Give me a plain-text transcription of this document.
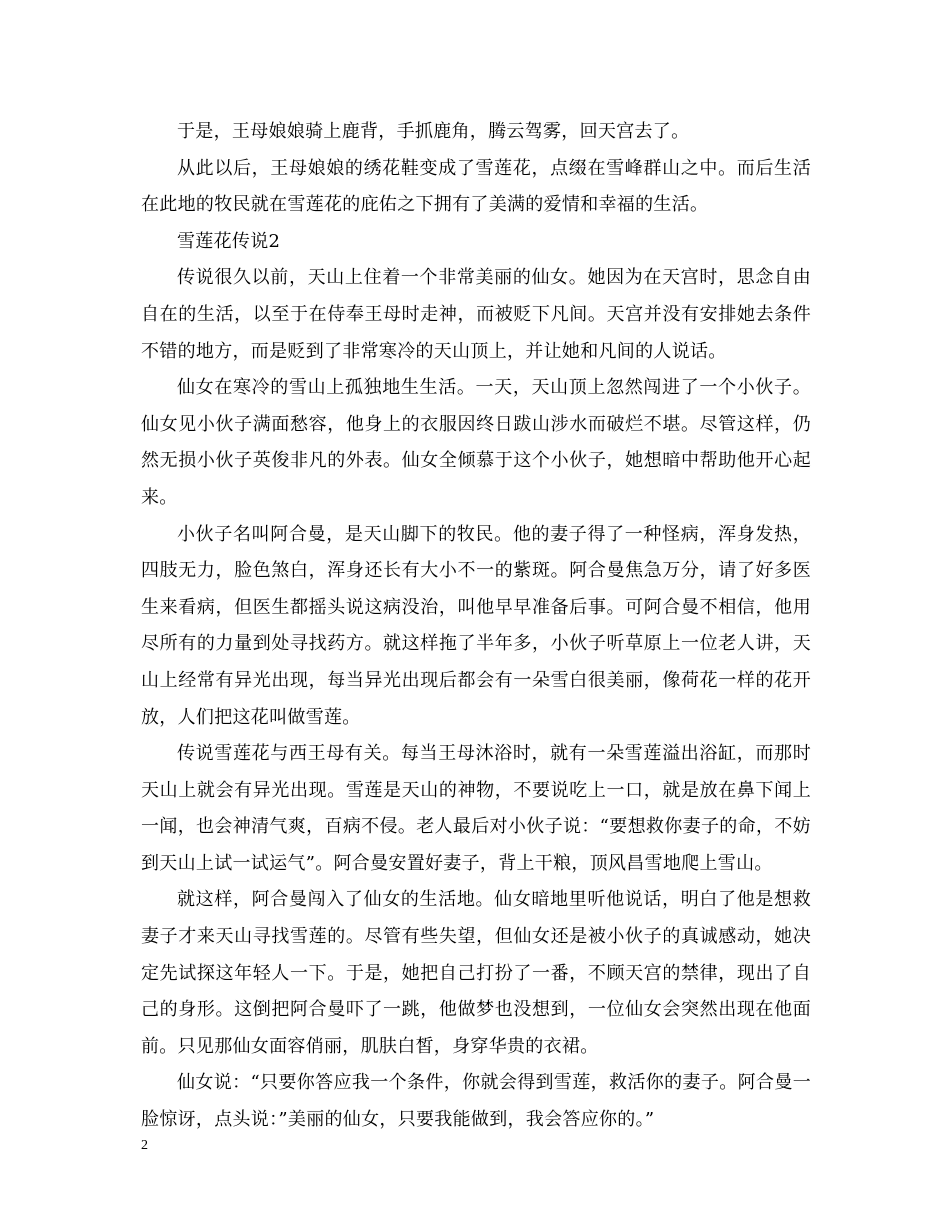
于是，王母娘娘骑上鹿背，手抓鹿角，腾云驾雾，回天宫去了。

从此以后，王母娘娘的绣花鞋变成了雪莲花，点缀在雪峰群山之中。而后生活在此地的牧民就在雪莲花的庇佑之下拥有了美满的爱情和幸福的生活。

雪莲花传说2

传说很久以前，天山上住着一个非常美丽的仙女。她因为在天宫时，思念自由自在的生活，以至于在侍奉王母时走神，而被贬下凡间。天宫并没有安排她去条件不错的地方，而是贬到了非常寒冷的天山顶上，并让她和凡间的人说话。

仙女在寒冷的雪山上孤独地生生活。一天，天山顶上忽然闯进了一个小伙子。仙女见小伙子满面愁容，他身上的衣服因终日跋山涉水而破烂不堪。尽管这样，仍然无损小伙子英俊非凡的外表。仙女全倾慕于这个小伙子，她想暗中帮助他开心起来。

小伙子名叫阿合曼，是天山脚下的牧民。他的妻子得了一种怪病，浑身发热，四肢无力，脸色煞白，浑身还长有大小不一的紫斑。阿合曼焦急万分，请了好多医生来看病，但医生都摇头说这病没治，叫他早早准备后事。可阿合曼不相信，他用尽所有的力量到处寻找药方。就这样拖了半年多，小伙子听草原上一位老人讲，天山上经常有异光出现，每当异光出现后都会有一朵雪白很美丽，像荷花一样的花开放，人们把这花叫做雪莲。

传说雪莲花与西王母有关。每当王母沐浴时，就有一朵雪莲溢出浴缸，而那时天山上就会有异光出现。雪莲是天山的神物，不要说吃上一口，就是放在鼻下闻上一闻，也会神清气爽，百病不侵。老人最后对小伙子说：“要想救你妻子的命，不妨到天山上试一试运气”。阿合曼安置好妻子，背上干粮，顶风昌雪地爬上雪山。

就这样，阿合曼闯入了仙女的生活地。仙女暗地里听他说话，明白了他是想救妻子才来天山寻找雪莲的。尽管有些失望，但仙女还是被小伙子的真诚感动，她决定先试探这年轻人一下。于是，她把自己打扮了一番，不顾天宫的禁律，现出了自己的身形。这倒把阿合曼吓了一跳，他做梦也没想到，一位仙女会突然出现在他面前。只见那仙女面容俏丽，肌肤白皙，身穿华贵的衣裙。

仙女说：“只要你答应我一个条件，你就会得到雪莲，救活你的妻子。阿合曼一脸惊讶，点头说：”美丽的仙女，只要我能做到，我会答应你的。”

2
